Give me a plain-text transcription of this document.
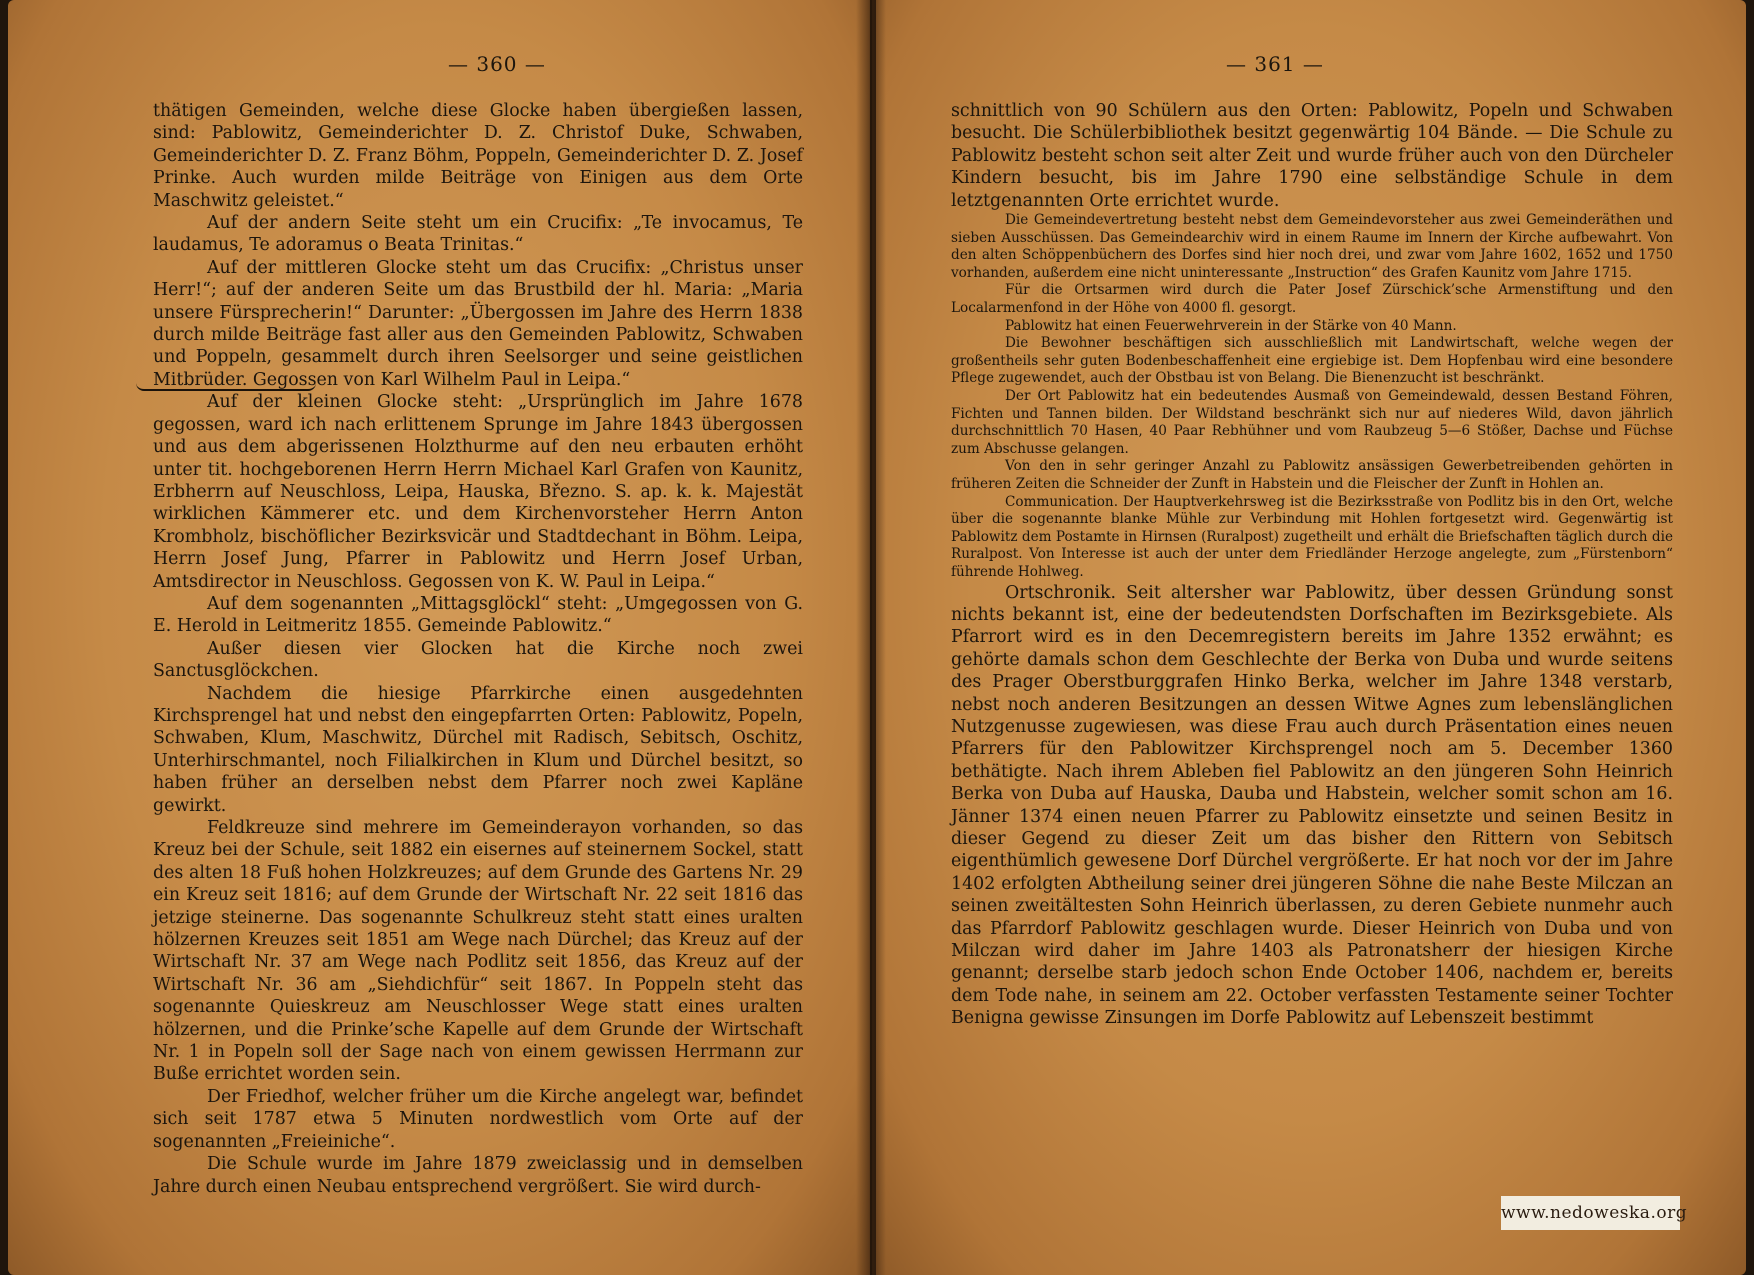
— 360 —

thätigen Gemeinden, welche diese Glocke haben übergießen lassen, sind: Pablowitz, Gemeinderichter D. Z. Christof Duke, Schwaben, Gemeinderichter D. Z. Franz Böhm, Poppeln, Gemeinderichter D. Z. Josef Prinke. Auch wurden milde Beiträge von Einigen aus dem Orte Maschwitz geleistet.“

Auf der andern Seite steht um ein Crucifix: „Te invocamus, Te laudamus, Te adoramus o Beata Trinitas.“

Auf der mittleren Glocke steht um das Crucifix: „Christus unser Herr!“; auf der anderen Seite um das Brustbild der hl. Maria: „Maria unsere Fürsprecherin!“ Darunter: „Übergossen im Jahre des Herrn 1838 durch milde Beiträge fast aller aus den Gemeinden Pablowitz, Schwaben und Poppeln, gesammelt durch ihren Seelsorger und seine geistlichen Mitbrüder. Gegossen von Karl Wilhelm Paul in Leipa.“

Auf der kleinen Glocke steht: „Ursprünglich im Jahre 1678 gegossen, ward ich nach erlittenem Sprunge im Jahre 1843 übergossen und aus dem abgerissenen Holzthurme auf den neu erbauten erhöht unter tit. hochgeborenen Herrn Herrn Michael Karl Grafen von Kaunitz, Erbherrn auf Neuschloss, Leipa, Hauska, Březno. S. ap. k. k. Majestät wirklichen Kämmerer etc. und dem Kirchenvorsteher Herrn Anton Krombholz, bischöflicher Bezirksvicär und Stadtdechant in Böhm. Leipa, Herrn Josef Jung, Pfarrer in Pablowitz und Herrn Josef Urban, Amtsdirector in Neuschloss. Gegossen von K. W. Paul in Leipa.“

Auf dem sogenannten „Mittagsglöckl“ steht: „Umgegossen von G. E. Herold in Leitmeritz 1855. Gemeinde Pablowitz.“

Außer diesen vier Glocken hat die Kirche noch zwei Sanctusglöckchen.

Nachdem die hiesige Pfarrkirche einen ausgedehnten Kirchsprengel hat und nebst den eingepfarrten Orten: Pablowitz, Popeln, Schwaben, Klum, Maschwitz, Dürchel mit Radisch, Sebitsch, Oschitz, Unterhirschmantel, noch Filialkirchen in Klum und Dürchel besitzt, so haben früher an derselben nebst dem Pfarrer noch zwei Kapläne gewirkt.

Feldkreuze sind mehrere im Gemeinderayon vorhanden, so das Kreuz bei der Schule, seit 1882 ein eisernes auf steinernem Sockel, statt des alten 18 Fuß hohen Holzkreuzes; auf dem Grunde des Gartens Nr. 29 ein Kreuz seit 1816; auf dem Grunde der Wirtschaft Nr. 22 seit 1816 das jetzige steinerne. Das sogenannte Schulkreuz steht statt eines uralten hölzernen Kreuzes seit 1851 am Wege nach Dürchel; das Kreuz auf der Wirtschaft Nr. 37 am Wege nach Podlitz seit 1856, das Kreuz auf der Wirtschaft Nr. 36 am „Siehdichfür“ seit 1867. In Poppeln steht das sogenannte Quieskreuz am Neuschlosser Wege statt eines uralten hölzernen, und die Prinke’sche Kapelle auf dem Grunde der Wirtschaft Nr. 1 in Popeln soll der Sage nach von einem gewissen Herrmann zur Buße errichtet worden sein.

Der Friedhof, welcher früher um die Kirche angelegt war, befindet sich seit 1787 etwa 5 Minuten nordwestlich vom Orte auf der sogenannten „Freieiniche“.

Die Schule wurde im Jahre 1879 zweiclassig und in demselben Jahre durch einen Neubau entsprechend vergrößert. Sie wird durch-

— 361 —

schnittlich von 90 Schülern aus den Orten: Pablowitz, Popeln und Schwaben besucht. Die Schülerbibliothek besitzt gegenwärtig 104 Bände. — Die Schule zu Pablowitz besteht schon seit alter Zeit und wurde früher auch von den Dürcheler Kindern besucht, bis im Jahre 1790 eine selbständige Schule in dem letztgenannten Orte errichtet wurde.

Die Gemeindevertretung besteht nebst dem Gemeindevorsteher aus zwei Gemeinderäthen und sieben Ausschüssen. Das Gemeindearchiv wird in einem Raume im Innern der Kirche aufbewahrt. Von den alten Schöppenbüchern des Dorfes sind hier noch drei, und zwar vom Jahre 1602, 1652 und 1750 vorhanden, außerdem eine nicht uninteressante „Instruction“ des Grafen Kaunitz vom Jahre 1715.

Für die Ortsarmen wird durch die Pater Josef Zürschick’sche Armenstiftung und den Localarmenfond in der Höhe von 4000 fl. gesorgt.

Pablowitz hat einen Feuerwehrverein in der Stärke von 40 Mann.

Die Bewohner beschäftigen sich ausschließlich mit Landwirtschaft, welche wegen der großentheils sehr guten Bodenbeschaffenheit eine ergiebige ist. Dem Hopfenbau wird eine besondere Pflege zugewendet, auch der Obstbau ist von Belang. Die Bienenzucht ist beschränkt.

Der Ort Pablowitz hat ein bedeutendes Ausmaß von Gemeindewald, dessen Bestand Föhren, Fichten und Tannen bilden. Der Wildstand beschränkt sich nur auf niederes Wild, davon jährlich durchschnittlich 70 Hasen, 40 Paar Rebhühner und vom Raubzeug 5—6 Stößer, Dachse und Füchse zum Abschusse gelangen.

Von den in sehr geringer Anzahl zu Pablowitz ansässigen Gewerbetreibenden gehörten in früheren Zeiten die Schneider der Zunft in Habstein und die Fleischer der Zunft in Hohlen an.

Communication. Der Hauptverkehrsweg ist die Bezirksstraße von Podlitz bis in den Ort, welche über die sogenannte blanke Mühle zur Verbindung mit Hohlen fortgesetzt wird. Gegenwärtig ist Pablowitz dem Postamte in Hirnsen (Ruralpost) zugetheilt und erhält die Briefschaften täglich durch die Ruralpost. Von Interesse ist auch der unter dem Friedländer Herzoge angelegte, zum „Fürstenborn“ führende Hohlweg.

Ortschronik. Seit altersher war Pablowitz, über dessen Gründung sonst nichts bekannt ist, eine der bedeutendsten Dorfschaften im Bezirksgebiete. Als Pfarrort wird es in den Decemregistern bereits im Jahre 1352 erwähnt; es gehörte damals schon dem Geschlechte der Berka von Duba und wurde seitens des Prager Oberstburggrafen Hinko Berka, welcher im Jahre 1348 verstarb, nebst noch anderen Besitzungen an dessen Witwe Agnes zum lebenslänglichen Nutzgenusse zugewiesen, was diese Frau auch durch Präsentation eines neuen Pfarrers für den Pablowitzer Kirchsprengel noch am 5. December 1360 bethätigte. Nach ihrem Ableben fiel Pablowitz an den jüngeren Sohn Heinrich Berka von Duba auf Hauska, Dauba und Habstein, welcher somit schon am 16. Jänner 1374 einen neuen Pfarrer zu Pablowitz einsetzte und seinen Besitz in dieser Gegend zu dieser Zeit um das bisher den Rittern von Sebitsch eigenthümlich gewesene Dorf Dürchel vergrößerte. Er hat noch vor der im Jahre 1402 erfolgten Abtheilung seiner drei jüngeren Söhne die nahe Beste Milczan an seinen zweitältesten Sohn Heinrich überlassen, zu deren Gebiete nunmehr auch das Pfarrdorf Pablowitz geschlagen wurde. Dieser Heinrich von Duba und von Milczan wird daher im Jahre 1403 als Patronatsherr der hiesigen Kirche genannt; derselbe starb jedoch schon Ende October 1406, nachdem er, bereits dem Tode nahe, in seinem am 22. October verfassten Testamente seiner Tochter Benigna gewisse Zinsungen im Dorfe Pablowitz auf Lebenszeit bestimmt

www.nedoweska.org
